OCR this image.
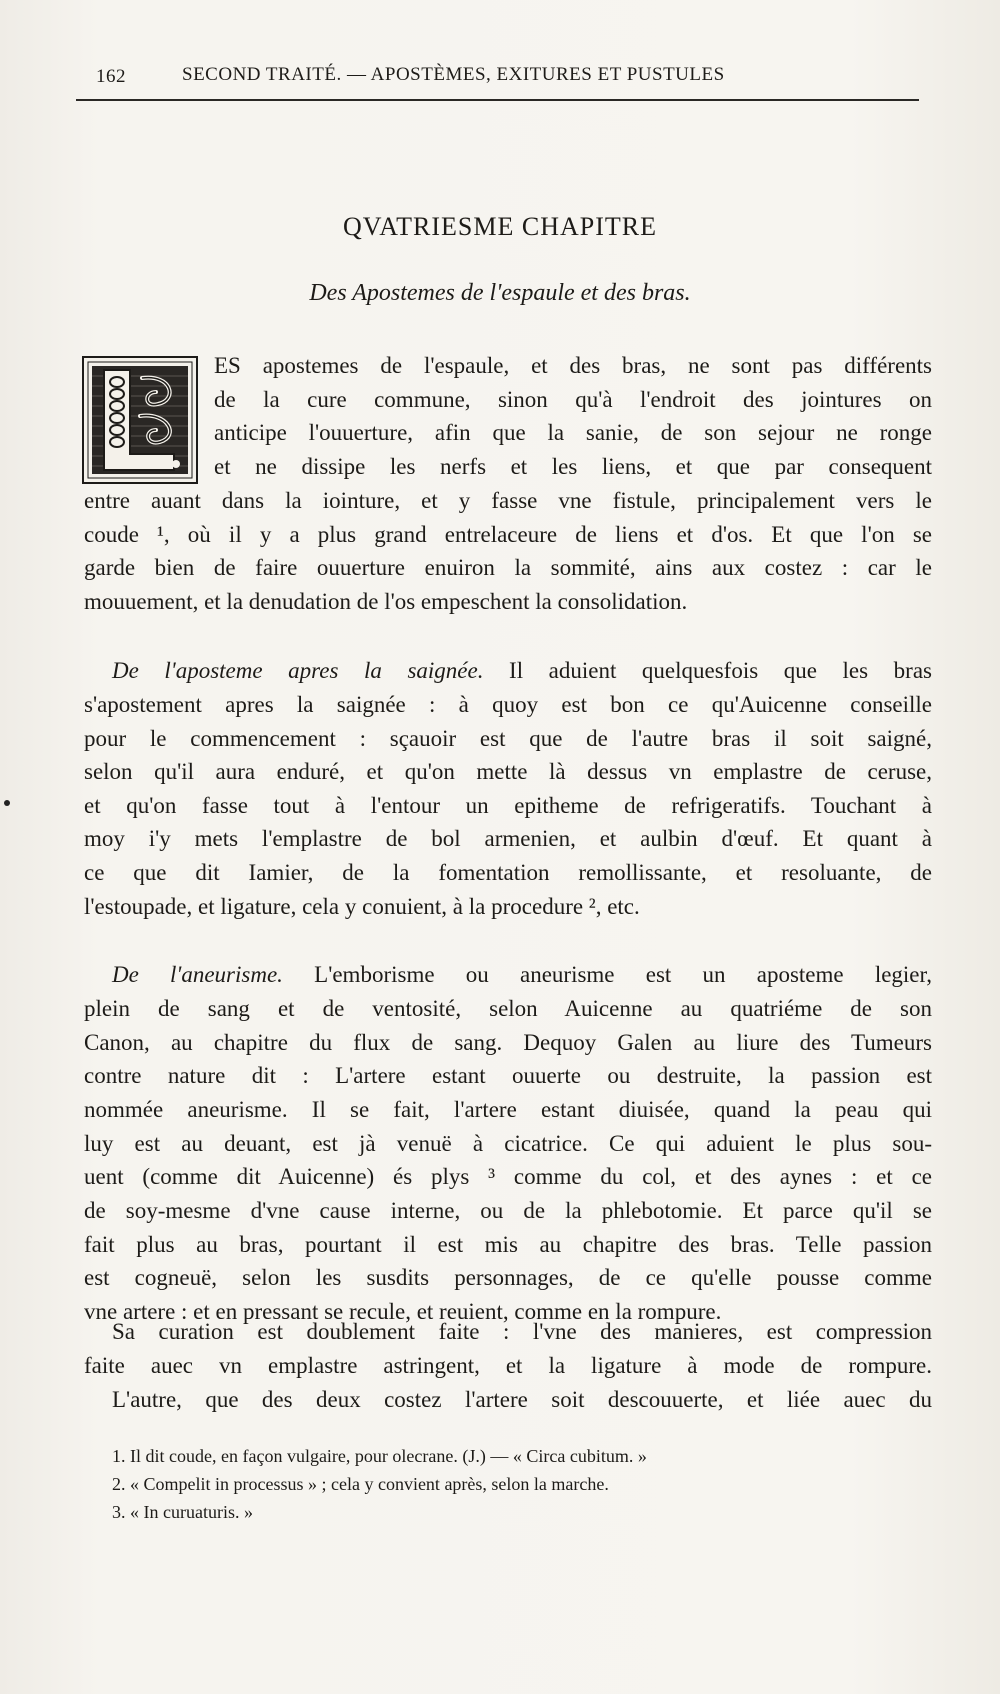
162	SECOND TRAITÉ. — APOSTÈMES, EXITURES ET PUSTULES
QVATRIESME CHAPITRE
Des Apostemes de l'espaule et des bras.
ES apostemes de l'espaule, et des bras, ne sont pas différents
de la cure commune, sinon qu'à l'endroit des jointures on
anticipe l'ouuerture, afin que la sanie, de son sejour ne ronge
et ne dissipe les nerfs et les liens, et que par consequent
entre auant dans la iointure, et y fasse vne fistule, principalement vers le
coude ¹, où il y a plus grand entrelaceure de liens et d'os. Et que l'on se
garde bien de faire ouuerture enuiron la sommité, ains aux costez : car le
mouuement, et la denudation de l'os empeschent la consolidation.
De l'aposteme apres la saignée. Il aduient quelquesfois que les bras
s'apostement apres la saignée : à quoy est bon ce qu'Auicenne conseille
pour le commencement : sçauoir est que de l'autre bras il soit saigné,
selon qu'il aura enduré, et qu'on mette là dessus vn emplastre de ceruse,
et qu'on fasse tout à l'entour un epitheme de refrigeratifs. Touchant à
moy i'y mets l'emplastre de bol armenien, et aulbin d'œuf. Et quant à
ce que dit Iamier, de la fomentation remollissante, et resoluante, de
l'estoupade, et ligature, cela y conuient, à la procedure ², etc.
De l'aneurisme. L'emborisme ou aneurisme est un aposteme legier,
plein de sang et de ventosité, selon Auicenne au quatriéme de son
Canon, au chapitre du flux de sang. Dequoy Galen au liure des Tumeurs
contre nature dit : L'artere estant ouuerte ou destruite, la passion est
nommée aneurisme. Il se fait, l'artere estant diuisée, quand la peau qui
luy est au deuant, est jà venuë à cicatrice. Ce qui aduient le plus sou-
uent (comme dit Auicenne) és plys ³ comme du col, et des aynes : et ce
de soy-mesme d'vne cause interne, ou de la phlebotomie. Et parce qu'il se
fait plus au bras, pourtant il est mis au chapitre des bras. Telle passion
est cogneuë, selon les susdits personnages, de ce qu'elle pousse comme
vne artere : et en pressant se recule, et reuient, comme en la rompure.
Sa curation est doublement faite : l'vne des manieres, est compression
faite auec vn emplastre astringent, et la ligature à mode de rompure.
L'autre, que des deux costez l'artere soit descouuerte, et liée auec du
1. Il dit coude, en façon vulgaire, pour olecrane. (J.) — « Circa cubitum. »
2. « Compelit in processus » ; cela y convient après, selon la marche.
3. « In curuaturis. »
